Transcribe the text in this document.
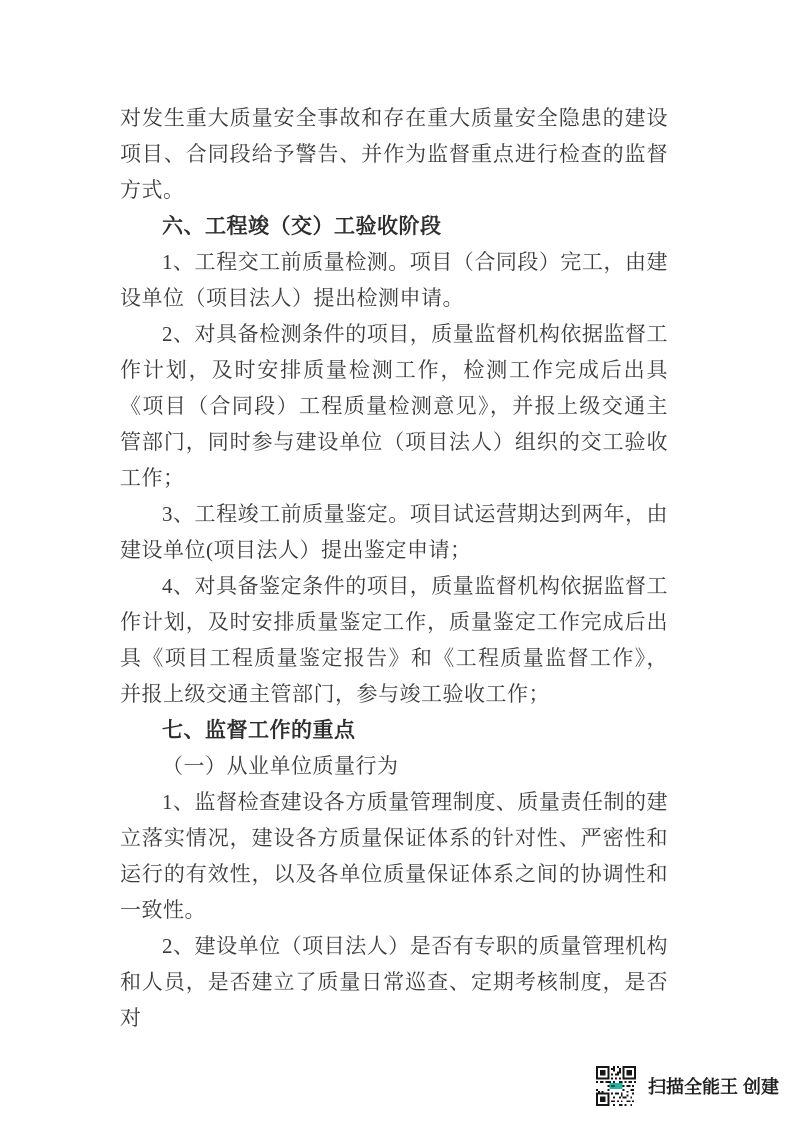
对发生重大质量安全事故和存在重大质量安全隐患的建设项目、合同段给予警告、并作为监督重点进行检查的监督方式。

六、工程竣（交）工验收阶段

1、工程交工前质量检测。项目（合同段）完工，由建设单位（项目法人）提出检测申请。

2、对具备检测条件的项目，质量监督机构依据监督工作计划，及时安排质量检测工作，检测工作完成后出具《项目（合同段）工程质量检测意见》，并报上级交通主管部门，同时参与建设单位（项目法人）组织的交工验收工作；

3、工程竣工前质量鉴定。项目试运营期达到两年，由建设单位(项目法人）提出鉴定申请；

4、对具备鉴定条件的项目，质量监督机构依据监督工作计划，及时安排质量鉴定工作，质量鉴定工作完成后出具《项目工程质量鉴定报告》和《工程质量监督工作》，并报上级交通主管部门，参与竣工验收工作；

七、监督工作的重点

（一）从业单位质量行为

1、监督检查建设各方质量管理制度、质量责任制的建立落实情况，建设各方质量保证体系的针对性、严密性和运行的有效性，以及各单位质量保证体系之间的协调性和一致性。

2、建设单位（项目法人）是否有专职的质量管理机构和人员，是否建立了质量日常巡查、定期考核制度，是否对

扫描全能王 创建
